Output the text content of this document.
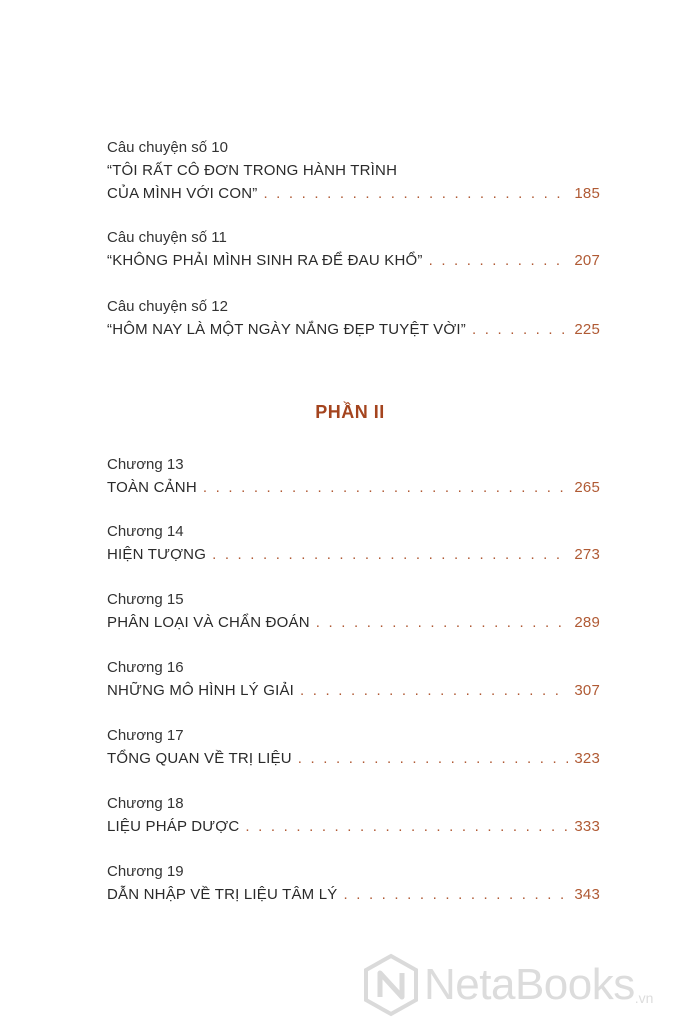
Câu chuyện số 10
“TÔI RẤT CÔ ĐƠN TRONG HÀNH TRÌNH
CỦA MÌNH VỚI CON” . . .	185
Câu chuyện số 11
“KHÔNG PHẢI MÌNH SINH RA ĐỂ ĐAU KHỔ” . . .	207
Câu chuyện số 12
“HÔM NAY LÀ MỘT NGÀY NẮNG ĐẸP TUYỆT VỜI” . . .	225
PHẦN II
Chương 13
TOÀN CẢNH . . .	265
Chương 14
HIỆN TƯỢNG . . .	273
Chương 15
PHÂN LOẠI VÀ CHẨN ĐOÁN . . .	289
Chương 16
NHỮNG MÔ HÌNH LÝ GIẢI . . .	307
Chương 17
TỔNG QUAN VỀ TRỊ LIỆU . . .	323
Chương 18
LIỆU PHÁP DƯỢC . . .	333
Chương 19
DẪN NHẬP VỀ TRỊ LIỆU TÂM LÝ . . .	343
NetaBooks .vn
